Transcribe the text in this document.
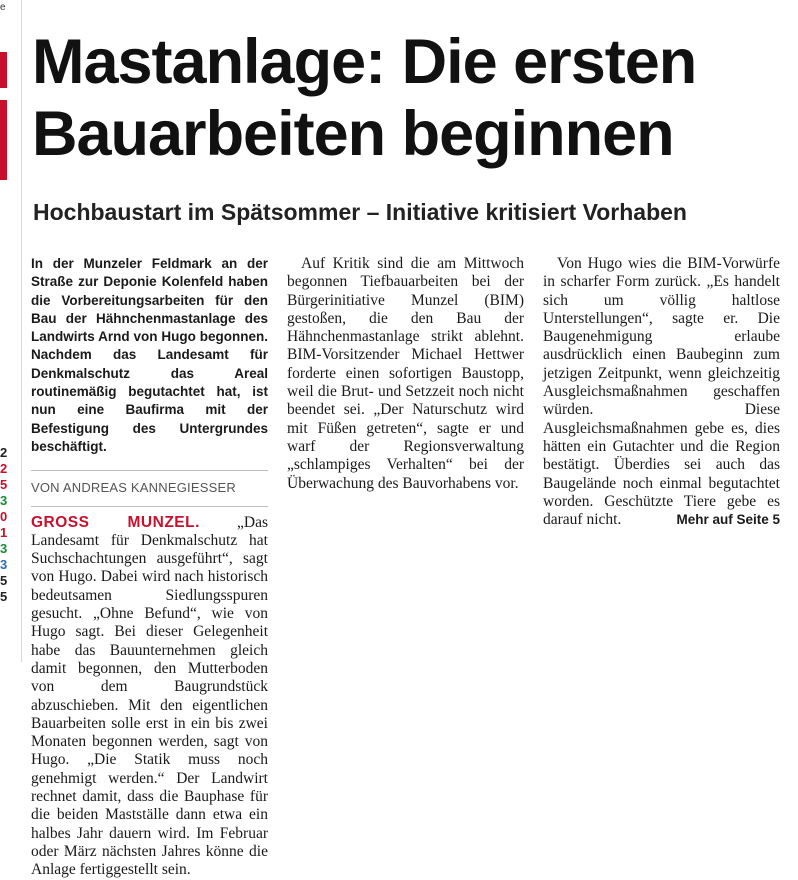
e
2
2
5
3
0
1
3
3
5
5
Mastanlage: Die ersten Bauarbeiten beginnen
Hochbaustart im Spätsommer – Initiative kritisiert Vorhaben

In der Munzeler Feldmark an der Straße zur Deponie Kolenfeld haben die Vorbereitungsarbeiten für den Bau der Hähnchenmastanlage des Landwirts Arnd von Hugo begonnen. Nachdem das Landesamt für Denkmalschutz das Areal routinemäßig begutachtet hat, ist nun eine Baufirma mit der Befestigung des Untergrundes beschäftigt.

VON ANDREAS KANNEGIESSER

GROSS MUNZEL. „Das Landesamt für Denkmalschutz hat Suchschachtungen ausgeführt“, sagt von Hugo. Dabei wird nach historisch bedeutsamen Siedlungsspuren gesucht. „Ohne Befund“, wie von Hugo sagt. Bei dieser Gelegenheit habe das Bauunternehmen gleich damit begonnen, den Mutterboden von dem Baugrundstück abzuschieben. Mit den eigentlichen Bauarbeiten solle erst in ein bis zwei Monaten begonnen werden, sagt von Hugo. „Die Statik muss noch genehmigt werden.“ Der Landwirt rechnet damit, dass die Bauphase für die beiden Mastställe dann etwa ein halbes Jahr dauern wird. Im Februar oder März nächsten Jahres könne die Anlage fertiggestellt sein.

Auf Kritik sind die am Mittwoch begonnen Tiefbauarbeiten bei der Bürgerinitiative Munzel (BIM) gestoßen, die den Bau der Hähnchenmastanlage strikt ablehnt. BIM-Vorsitzender Michael Hettwer forderte einen sofortigen Baustopp, weil die Brut- und Setzzeit noch nicht beendet sei. „Der Naturschutz wird mit Füßen getreten“, sagte er und warf der Regionsverwaltung „schlampiges Verhalten“ bei der Überwachung des Bauvorhabens vor.

Von Hugo wies die BIM-Vorwürfe in scharfer Form zurück. „Es handelt sich um völlig haltlose Unterstellungen“, sagte er. Die Baugenehmigung erlaube ausdrücklich einen Baubeginn zum jetzigen Zeitpunkt, wenn gleichzeitig Ausgleichsmaßnahmen geschaffen würden. Diese Ausgleichsmaßnahmen gebe es, dies hätten ein Gutachter und die Region bestätigt. Überdies sei auch das Baugelände noch einmal begutachtet worden. Geschützte Tiere gebe es darauf nicht.	Mehr auf Seite 5
